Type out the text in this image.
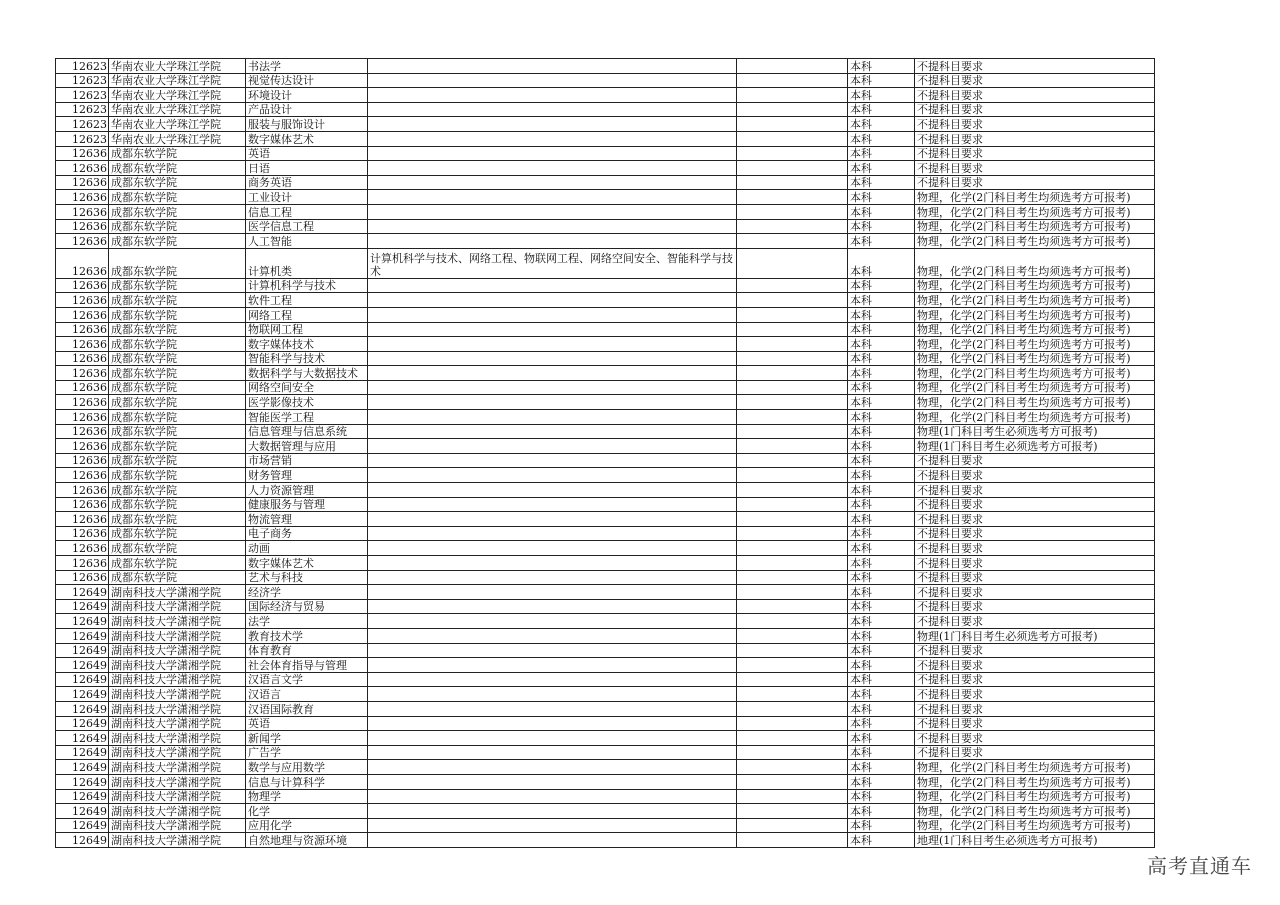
12623	华南农业大学珠江学院	书法学			本科	不提科目要求
12623	华南农业大学珠江学院	视觉传达设计			本科	不提科目要求
12623	华南农业大学珠江学院	环境设计			本科	不提科目要求
12623	华南农业大学珠江学院	产品设计			本科	不提科目要求
12623	华南农业大学珠江学院	服装与服饰设计			本科	不提科目要求
12623	华南农业大学珠江学院	数字媒体艺术			本科	不提科目要求
12636	成都东软学院	英语			本科	不提科目要求
12636	成都东软学院	日语			本科	不提科目要求
12636	成都东软学院	商务英语			本科	不提科目要求
12636	成都东软学院	工业设计			本科	物理，化学(2门科目考生均须选考方可报考)
12636	成都东软学院	信息工程			本科	物理，化学(2门科目考生均须选考方可报考)
12636	成都东软学院	医学信息工程			本科	物理，化学(2门科目考生均须选考方可报考)
12636	成都东软学院	人工智能			本科	物理，化学(2门科目考生均须选考方可报考)
12636	成都东软学院	计算机类	计算机科学与技术、网络工程、物联网工程、网络空间安全、智能科学与技术		本科	物理，化学(2门科目考生均须选考方可报考)
12636	成都东软学院	计算机科学与技术			本科	物理，化学(2门科目考生均须选考方可报考)
12636	成都东软学院	软件工程			本科	物理，化学(2门科目考生均须选考方可报考)
12636	成都东软学院	网络工程			本科	物理，化学(2门科目考生均须选考方可报考)
12636	成都东软学院	物联网工程			本科	物理，化学(2门科目考生均须选考方可报考)
12636	成都东软学院	数字媒体技术			本科	物理，化学(2门科目考生均须选考方可报考)
12636	成都东软学院	智能科学与技术			本科	物理，化学(2门科目考生均须选考方可报考)
12636	成都东软学院	数据科学与大数据技术			本科	物理，化学(2门科目考生均须选考方可报考)
12636	成都东软学院	网络空间安全			本科	物理，化学(2门科目考生均须选考方可报考)
12636	成都东软学院	医学影像技术			本科	物理，化学(2门科目考生均须选考方可报考)
12636	成都东软学院	智能医学工程			本科	物理，化学(2门科目考生均须选考方可报考)
12636	成都东软学院	信息管理与信息系统			本科	物理(1门科目考生必须选考方可报考)
12636	成都东软学院	大数据管理与应用			本科	物理(1门科目考生必须选考方可报考)
12636	成都东软学院	市场营销			本科	不提科目要求
12636	成都东软学院	财务管理			本科	不提科目要求
12636	成都东软学院	人力资源管理			本科	不提科目要求
12636	成都东软学院	健康服务与管理			本科	不提科目要求
12636	成都东软学院	物流管理			本科	不提科目要求
12636	成都东软学院	电子商务			本科	不提科目要求
12636	成都东软学院	动画			本科	不提科目要求
12636	成都东软学院	数字媒体艺术			本科	不提科目要求
12636	成都东软学院	艺术与科技			本科	不提科目要求
12649	湖南科技大学潇湘学院	经济学			本科	不提科目要求
12649	湖南科技大学潇湘学院	国际经济与贸易			本科	不提科目要求
12649	湖南科技大学潇湘学院	法学			本科	不提科目要求
12649	湖南科技大学潇湘学院	教育技术学			本科	物理(1门科目考生必须选考方可报考)
12649	湖南科技大学潇湘学院	体育教育			本科	不提科目要求
12649	湖南科技大学潇湘学院	社会体育指导与管理			本科	不提科目要求
12649	湖南科技大学潇湘学院	汉语言文学			本科	不提科目要求
12649	湖南科技大学潇湘学院	汉语言			本科	不提科目要求
12649	湖南科技大学潇湘学院	汉语国际教育			本科	不提科目要求
12649	湖南科技大学潇湘学院	英语			本科	不提科目要求
12649	湖南科技大学潇湘学院	新闻学			本科	不提科目要求
12649	湖南科技大学潇湘学院	广告学			本科	不提科目要求
12649	湖南科技大学潇湘学院	数学与应用数学			本科	物理，化学(2门科目考生均须选考方可报考)
12649	湖南科技大学潇湘学院	信息与计算科学			本科	物理，化学(2门科目考生均须选考方可报考)
12649	湖南科技大学潇湘学院	物理学			本科	物理，化学(2门科目考生均须选考方可报考)
12649	湖南科技大学潇湘学院	化学			本科	物理，化学(2门科目考生均须选考方可报考)
12649	湖南科技大学潇湘学院	应用化学			本科	物理，化学(2门科目考生均须选考方可报考)
12649	湖南科技大学潇湘学院	自然地理与资源环境			本科	地理(1门科目考生必须选考方可报考)
高考直通车
